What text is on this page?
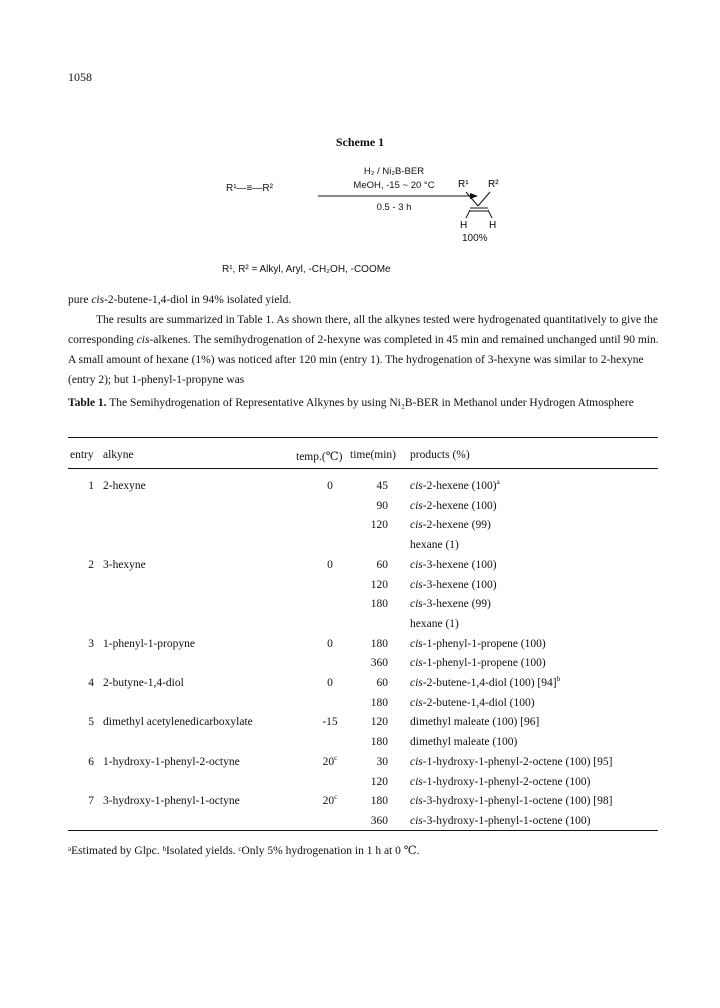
1058
Scheme 1
R¹—≡—R²
H₂ / Ni₂B-BER
MeOH, -15 ~ 20 °C
0.5 - 3 h
R¹ R²
H H
100%
R¹, R² = Alkyl, Aryl, -CH₂OH, -COOMe
pure cis-2-butene-1,4-diol in 94% isolated yield.
The results are summarized in Table 1. As shown there, all the alkynes tested were hydrogenated quantitatively to give the corresponding cis-alkenes. The semihydrogenation of 2-hexyne was completed in 45 min and remained unchanged until 90 min. A small amount of hexane (1%) was noticed after 120 min (entry 1). The hydrogenation of 3-hexyne was similar to 2-hexyne (entry 2); but 1-phenyl-1-propyne was
Table 1. The Semihydrogenation of Representative Alkynes by using Ni₂B-BER in Methanol under Hydrogen Atmosphere
entry alkyne	temp.(℃) time(min) products (%)
1 2-hexyne	0	45 cis-2-hexene $(100)^a$
90 cis-2-hexene (100)
120 cis-2-hexene (99)
hexane (1)
2 3-hexyne	0	60 cis-3-hexene (100)
120 cis-3-hexene (100)
180 cis-3-hexene (99)
hexane (1)
3 1-phenyl-1-propyne	0	180 cis-1-phenyl-1-propene (100)
360 cis-1-phenyl-1-propene (100)
4 2-butyne-1,4-diol	0	60 cis-2-butene-1,4-diol (100) $[94]^b$
180 cis-2-butene-1,4-diol (100)
5 dimethyl acetylenedicarboxylate	-15	120 dimethyl maleate (100) [96]
180 dimethyl maleate (100)
6 1-hydroxy-1-phenyl-2-octyne	20$^c$	30 cis-1-hydroxy-1-phenyl-2-octene (100) [95]
120 cis-1-hydroxy-1-phenyl-2-octene (100)
7 3-hydroxy-1-phenyl-1-octyne	20$^c$	180 cis-3-hydroxy-1-phenyl-1-octene (100) [98]
360 cis-3-hydroxy-1-phenyl-1-octene (100)
ᵃEstimated by Glpc. ᵇIsolated yields. ᶜOnly 5% hydrogenation in 1 h at 0 ℃.
